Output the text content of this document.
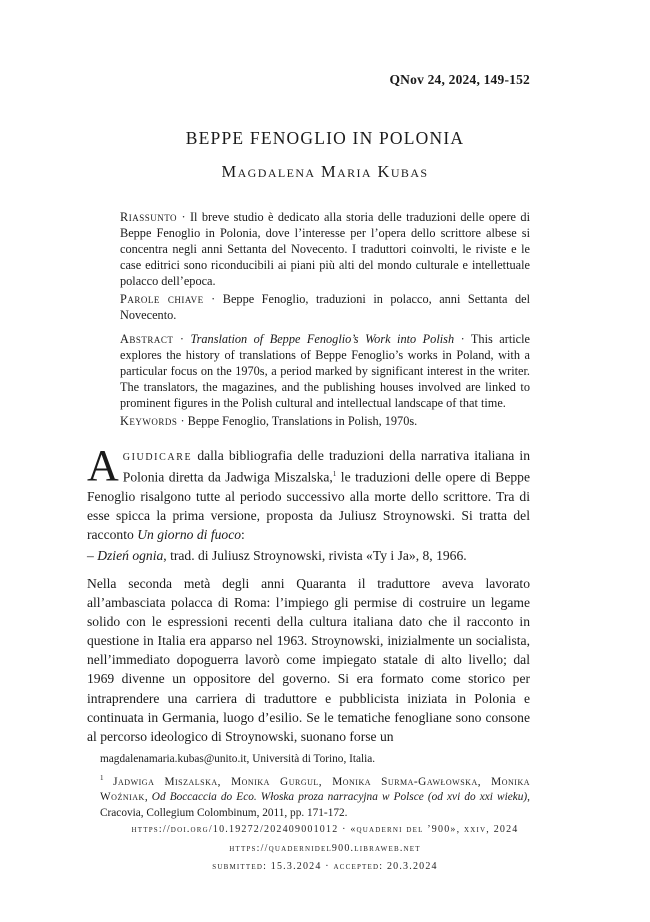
QNov 24, 2024, 149-152
BEPPE FENOGLIO IN POLONIA
Magdalena Maria Kubas
Riassunto · Il breve studio è dedicato alla storia delle traduzioni delle opere di Beppe Fenoglio in Polonia, dove l’interesse per l’opera dello scrittore albese si concentra negli anni Settanta del Novecento. I traduttori coinvolti, le riviste e le case editrici sono riconducibili ai piani più alti del mondo culturale e intellettuale polacco dell’epoca.
Parole chiave · Beppe Fenoglio, traduzioni in polacco, anni Settanta del Novecento.
Abstract · Translation of Beppe Fenoglio’s Work into Polish · This article explores the history of translations of Beppe Fenoglio’s works in Poland, with a particular focus on the 1970s, a period marked by significant interest in the writer. The translators, the magazines, and the publishing houses involved are linked to prominent figures in the Polish cultural and intellectual landscape of that time.
Keywords · Beppe Fenoglio, Translations in Polish, 1970s.
Agiudicare dalla bibliografia delle traduzioni della narrativa italiana in Polonia diretta da Jadwiga Miszalska,$^1$ le traduzioni delle opere di Beppe Fenoglio risalgono tutte al periodo successivo alla morte dello scrittore. Tra di esse spicca la prima versione, proposta da Juliusz Stroynowski. Si tratta del racconto Un giorno di fuoco:
– Dzień ognia, trad. di Juliusz Stroynowski, rivista «Ty i Ja», 8, 1966.
Nella seconda metà degli anni Quaranta il traduttore aveva lavorato all’ambasciata polacca di Roma: l’impiego gli permise di costruire un legame solido con le espressioni recenti della cultura italiana dato che il racconto in questione in Italia era apparso nel 1963. Stroynowski, inizialmente un socialista, nell’immediato dopoguerra lavorò come impiegato statale di alto livello; dal 1969 divenne un oppositore del governo. Si era formato come storico per intraprendere una carriera di traduttore e pubblicista iniziata in Polonia e continuata in Germania, luogo d’esilio. Se le tematiche fenogliane sono consone al percorso ideologico di Stroynowski, suonano forse un
magdalenamaria.kubas@unito.it, Università di Torino, Italia.
$^1$ Jadwiga Miszalska, Monika Gurgul, Monika Surma-Gawłowska, Monika Woźniak, Od Boccaccia do Eco. Włoska proza narracyjna w Polsce (od xvi do xxi wieku), Cracovia, Collegium Colombinum, 2011, pp. 171-172.
https://doi.org/10.19272/202409001012 · «quaderni del ’900», xxiv, 2024
https://quadernidel900.libraweb.net
submitted: 15.3.2024 · accepted: 20.3.2024
